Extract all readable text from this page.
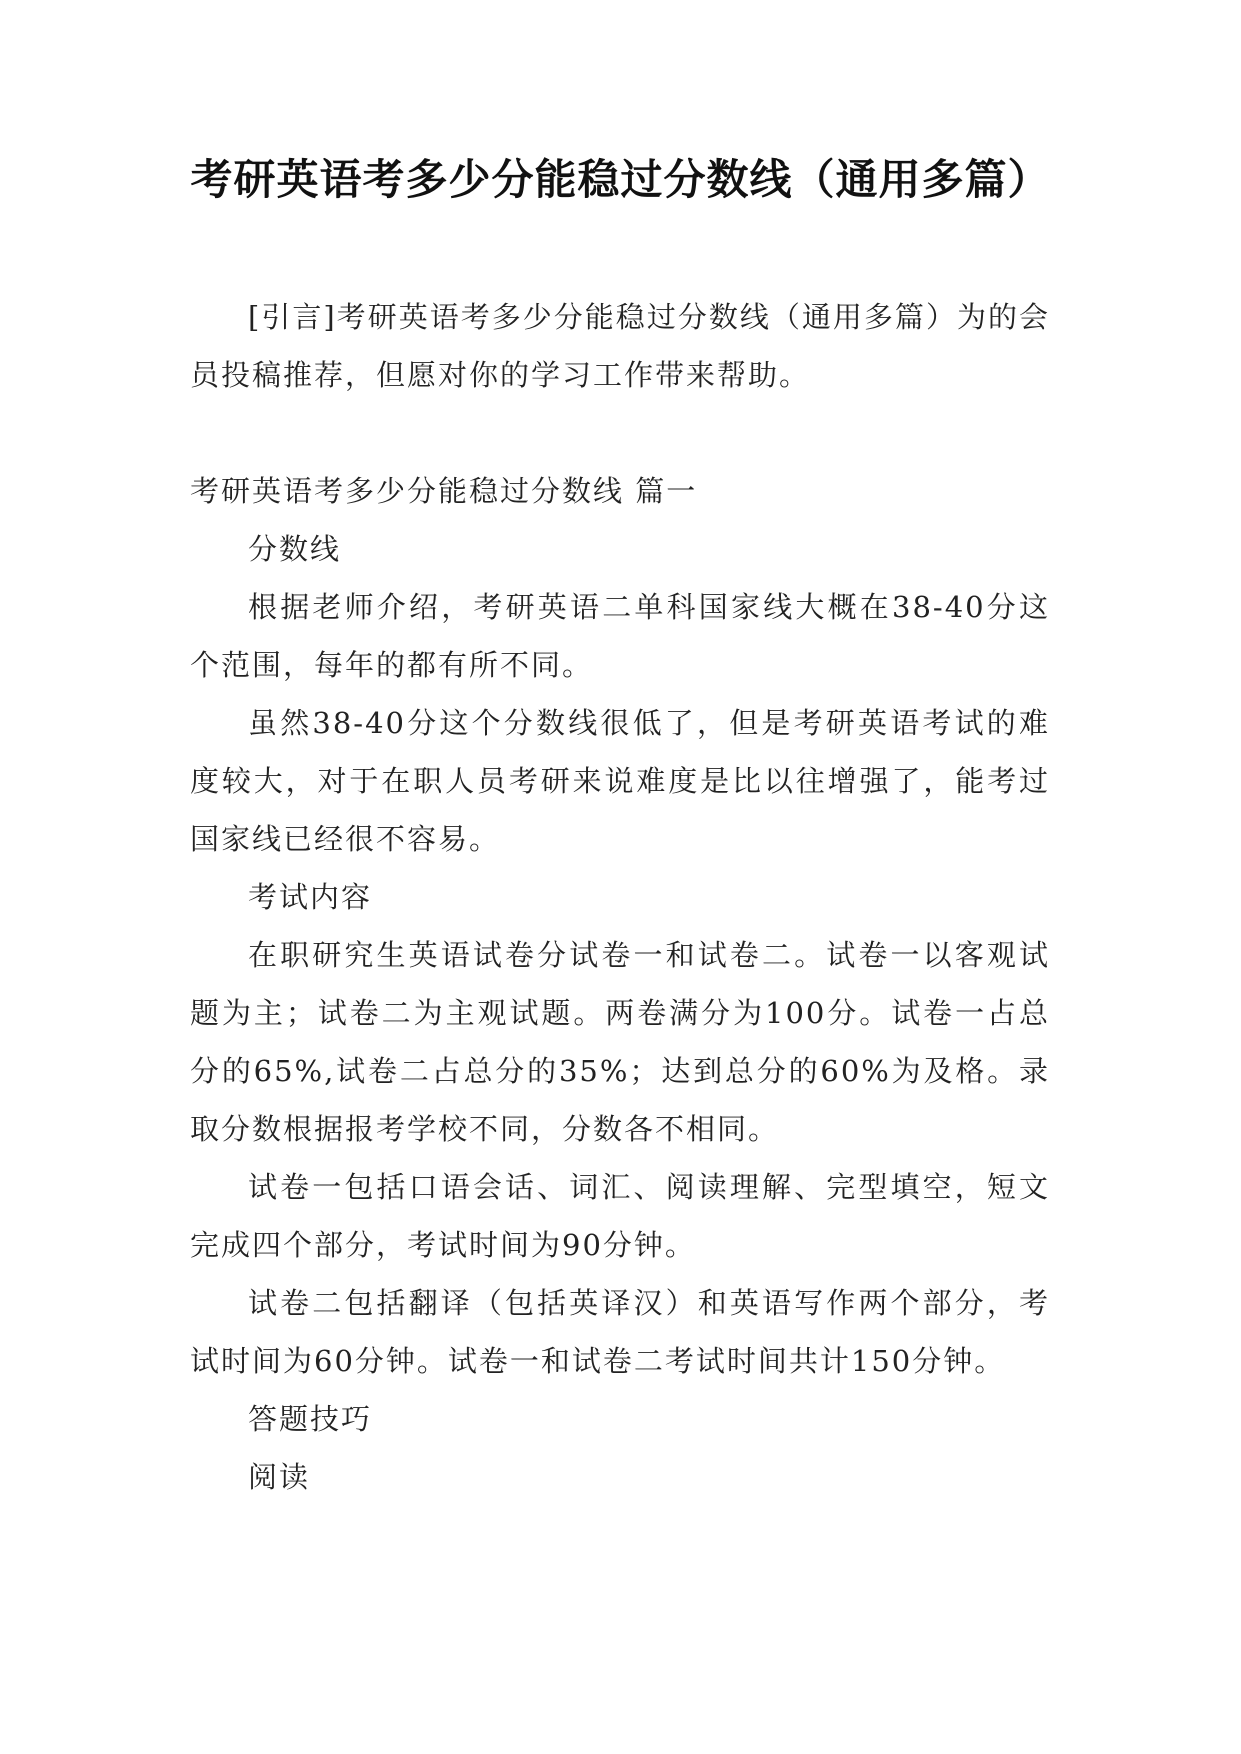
考研英语考多少分能稳过分数线（通用多篇）

[引言]考研英语考多少分能稳过分数线（通用多篇）为的会员投稿推荐，但愿对你的学习工作带来帮助。

考研英语考多少分能稳过分数线 篇一

分数线

根据老师介绍，考研英语二单科国家线大概在38-40分这个范围，每年的都有所不同。

虽然38-40分这个分数线很低了，但是考研英语考试的难度较大，对于在职人员考研来说难度是比以往增强了，能考过国家线已经很不容易。

考试内容

在职研究生英语试卷分试卷一和试卷二。试卷一以客观试题为主；试卷二为主观试题。两卷满分为100分。试卷一占总分的65%,试卷二占总分的35%；达到总分的60%为及格。录取分数根据报考学校不同，分数各不相同。

试卷一包括口语会话、词汇、阅读理解、完型填空，短文完成四个部分，考试时间为90分钟。

试卷二包括翻译（包括英译汉）和英语写作两个部分，考试时间为60分钟。试卷一和试卷二考试时间共计150分钟。

答题技巧

阅读
